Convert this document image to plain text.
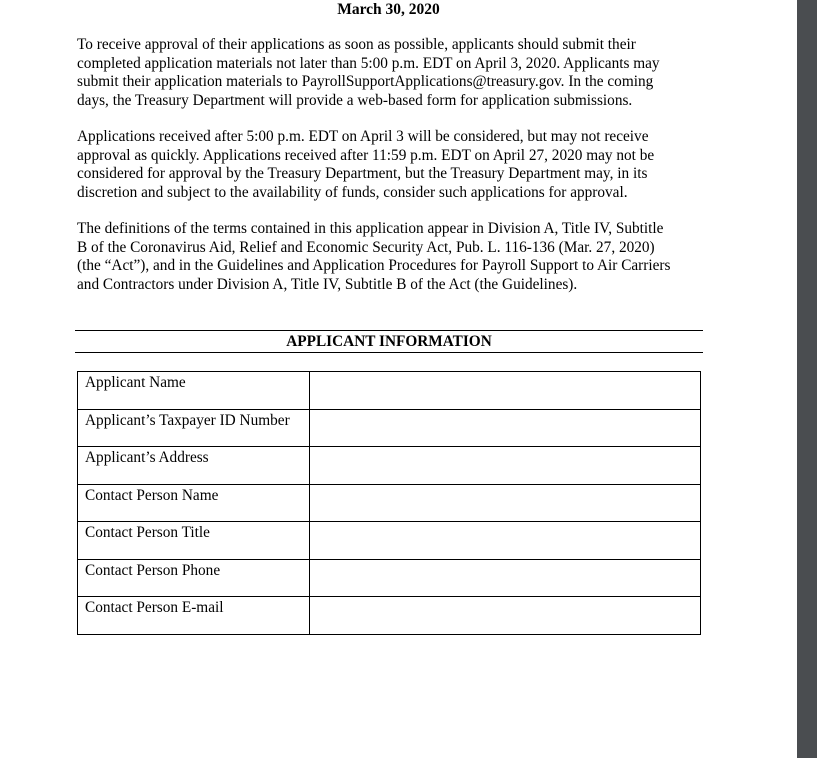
March 30, 2020
To receive approval of their applications as soon as possible, applicants should submit their
completed application materials not later than 5:00 p.m. EDT on April 3, 2020. Applicants may
submit their application materials to PayrollSupportApplications@treasury.gov. In the coming
days, the Treasury Department will provide a web-based form for application submissions.
Applications received after 5:00 p.m. EDT on April 3 will be considered, but may not receive
approval as quickly. Applications received after 11:59 p.m. EDT on April 27, 2020 may not be
considered for approval by the Treasury Department, but the Treasury Department may, in its
discretion and subject to the availability of funds, consider such applications for approval.
The definitions of the terms contained in this application appear in Division A, Title IV, Subtitle
B of the Coronavirus Aid, Relief and Economic Security Act, Pub. L. 116-136 (Mar. 27, 2020)
(the “Act”), and in the Guidelines and Application Procedures for Payroll Support to Air Carriers
and Contractors under Division A, Title IV, Subtitle B of the Act (the Guidelines).
APPLICANT INFORMATION
Applicant Name	
Applicant’s Taxpayer ID Number	
Applicant’s Address	
Contact Person Name	
Contact Person Title	
Contact Person Phone	
Contact Person E-mail	
